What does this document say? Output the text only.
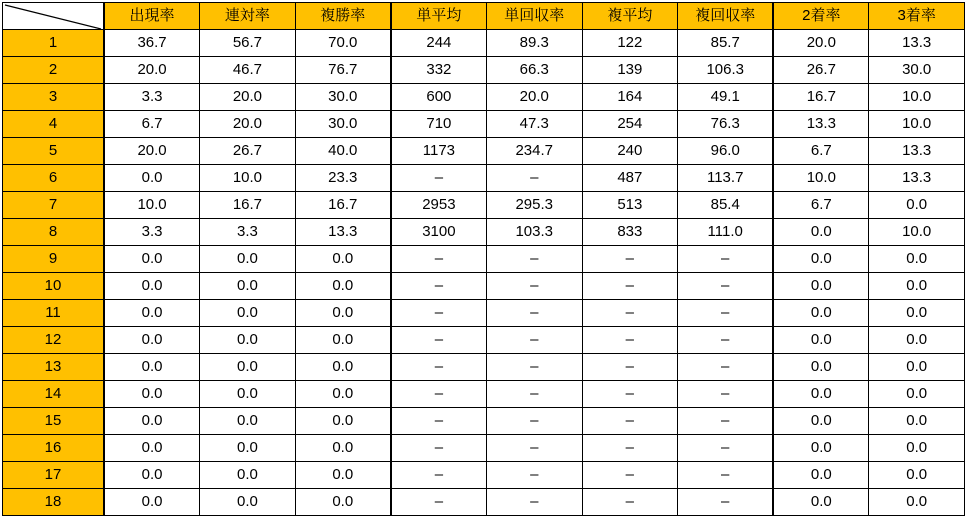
	出現率	連対率	複勝率	単平均	単回収率	複平均	複回収率	2着率	3着率
1	36.7	56.7	70.0	244	89.3	122	85.7	20.0	13.3
2	20.0	46.7	76.7	332	66.3	139	106.3	26.7	30.0
3	3.3	20.0	30.0	600	20.0	164	49.1	16.7	10.0
4	6.7	20.0	30.0	710	47.3	254	76.3	13.3	10.0
5	20.0	26.7	40.0	1173	234.7	240	96.0	6.7	13.3
6	0.0	10.0	23.3	–	–	487	113.7	10.0	13.3
7	10.0	16.7	16.7	2953	295.3	513	85.4	6.7	0.0
8	3.3	3.3	13.3	3100	103.3	833	111.0	0.0	10.0
9	0.0	0.0	0.0	–	–	–	–	0.0	0.0
10	0.0	0.0	0.0	–	–	–	–	0.0	0.0
11	0.0	0.0	0.0	–	–	–	–	0.0	0.0
12	0.0	0.0	0.0	–	–	–	–	0.0	0.0
13	0.0	0.0	0.0	–	–	–	–	0.0	0.0
14	0.0	0.0	0.0	–	–	–	–	0.0	0.0
15	0.0	0.0	0.0	–	–	–	–	0.0	0.0
16	0.0	0.0	0.0	–	–	–	–	0.0	0.0
17	0.0	0.0	0.0	–	–	–	–	0.0	0.0
18	0.0	0.0	0.0	–	–	–	–	0.0	0.0
